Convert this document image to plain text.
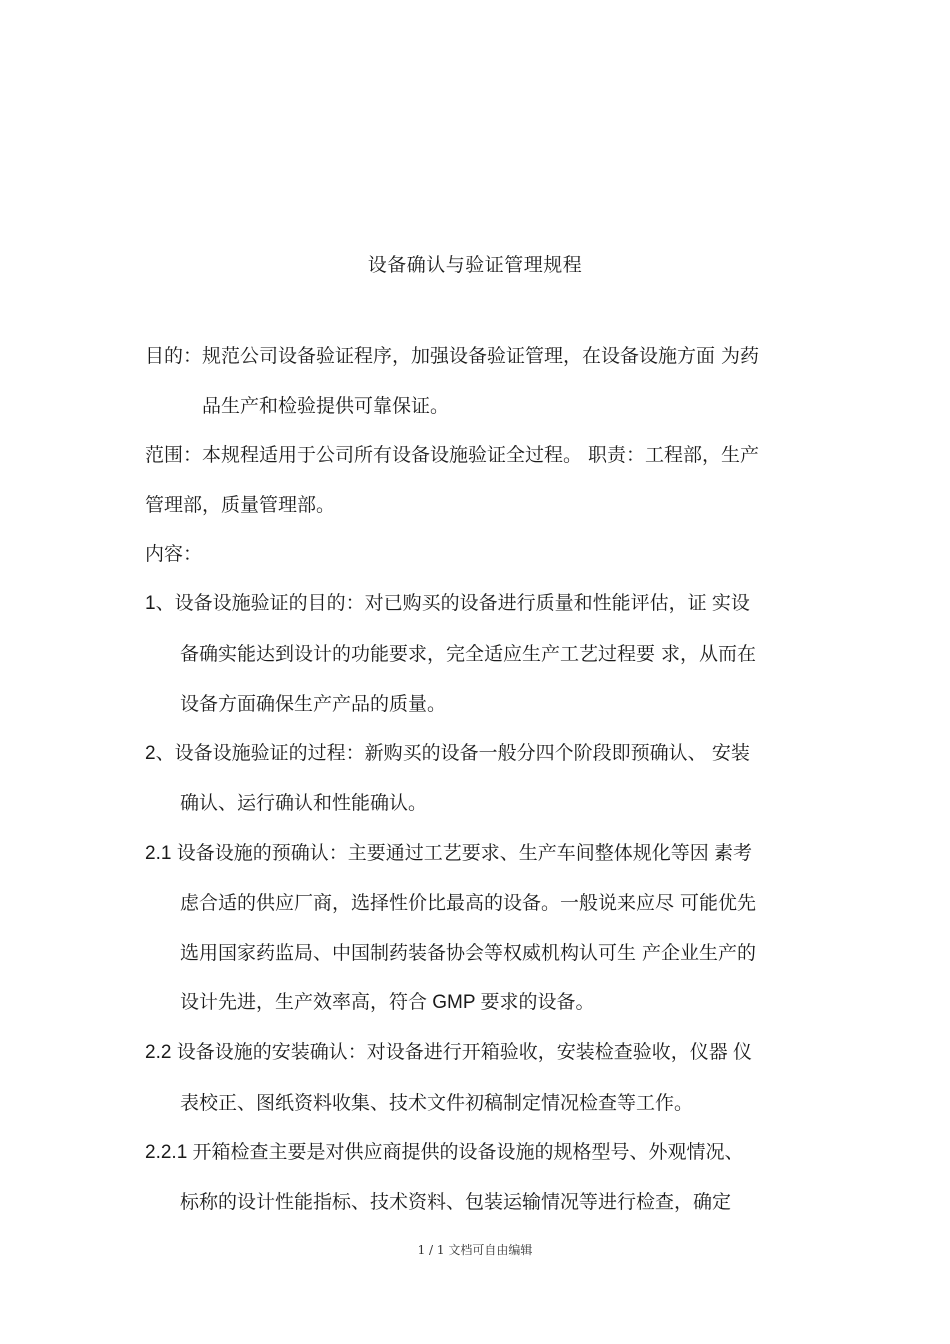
设备确认与验证管理规程
目的：规范公司设备验证程序，加强设备验证管理，在设备设施方面 为药
品生产和检验提供可靠保证。
范围：本规程适用于公司所有设备设施验证全过程。 职责：工程部，生产
管理部，质量管理部。
内容：
1、设备设施验证的目的：对已购买的设备进行质量和性能评估，证 实设
备确实能达到设计的功能要求，完全适应生产工艺过程要 求，从而在
设备方面确保生产产品的质量。
2、设备设施验证的过程：新购买的设备一般分四个阶段即预确认、 安装
确认、运行确认和性能确认。
2.1 设备设施的预确认：主要通过工艺要求、生产车间整体规化等因 素考
虑合适的供应厂商，选择性价比最高的设备。一般说来应尽 可能优先
选用国家药监局、中国制药装备协会等权威机构认可生 产企业生产的
设计先进，生产效率高，符合 GMP 要求的设备。
2.2 设备设施的安装确认：对设备进行开箱验收，安装检查验收，仪器 仪
表校正、图纸资料收集、技术文件初稿制定情况检查等工作。
2.2.1 开箱检查主要是对供应商提供的设备设施的规格型号、外观情况、
标称的设计性能指标、技术资料、包装运输情况等进行检查，确定
1 / 1 文档可自由编辑
